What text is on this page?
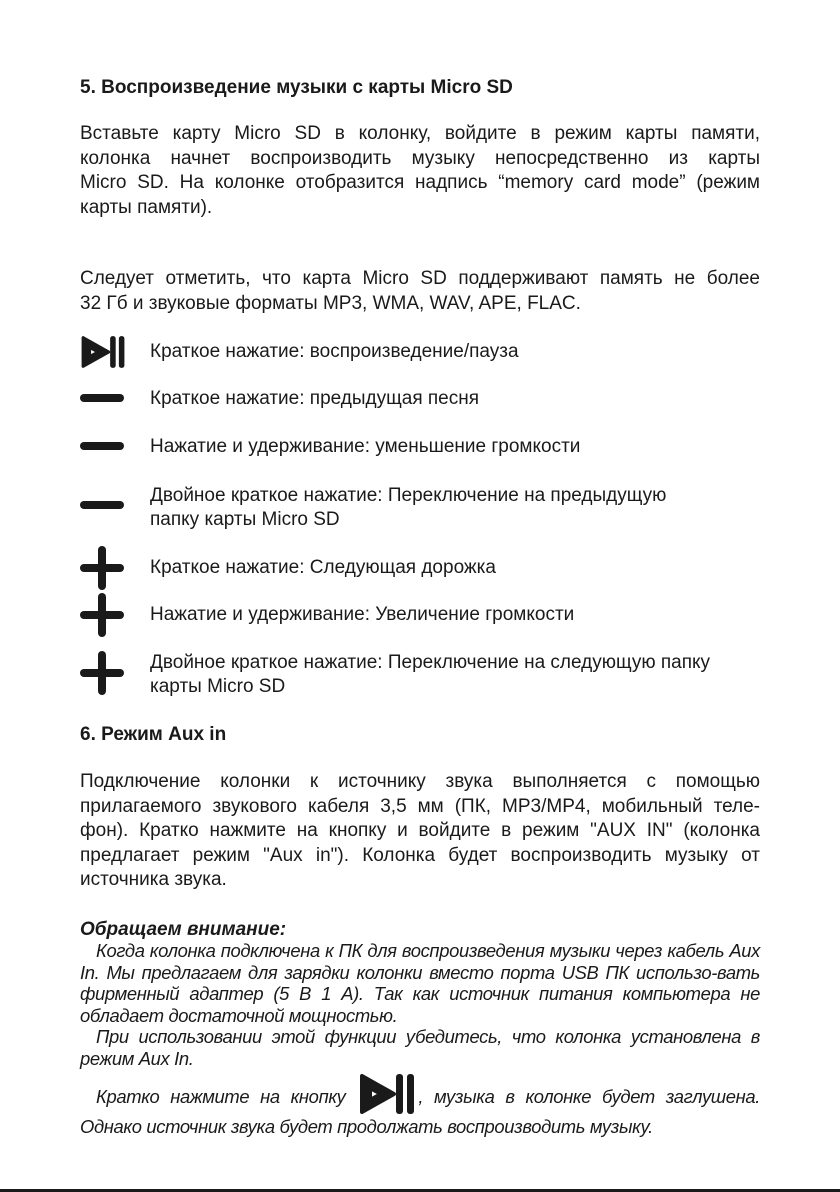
5. Воспроизведение музыки с карты Micro SD

Вставьте карту Micro SD в колонку, войдите в режим карты памяти,

колонка начнет воспроизводить музыку непосредственно из карты

Micro SD. На колонке отобразится надпись “memory card mode” (режим

карты памяти).

Следует отметить, что карта Micro SD поддерживают память не более

32 Гб и звуковые форматы MP3, WMA, WAV, APE, FLAC.

Краткое нажатие: воспроизведение/пауза
Краткое нажатие: предыдущая песня
Нажатие и удерживание: уменьшение громкости
Двойное краткое нажатие: Переключение на предыдущую
папку карты Micro SD
Краткое нажатие: Следующая дорожка
Нажатие и удерживание: Увеличение громкости
Двойное краткое нажатие: Переключение на следующую папку
карты Micro SD
6. Режим Aux in

Подключение колонки к источнику звука выполняется с помощью

прилагаемого звукового кабеля 3,5 мм (ПК, MP3/MP4, мобильный теле-

фон). Кратко нажмите на кнопку и войдите в режим "AUX IN" (колонка

предлагает режим "Aux in"). Колонка будет воспроизводить музыку от

источника звука.

Обращаем внимание:

Когда колонка подключена к ПК для воспроизведения музыки через кабель Aux In. Мы предлагаем для зарядки колонки вместо порта USB ПК использо-вать фирменный адаптер (5 В 1 А). Так как источник питания компьютера не обладает достаточной мощностью.

При использовании этой функции убедитесь, что колонка установлена в режим Aux In.

Кратко нажмите на кнопку	, музыка в колонке будет заглушена. Однако источник звука будет продолжать воспроизводить музыку.
